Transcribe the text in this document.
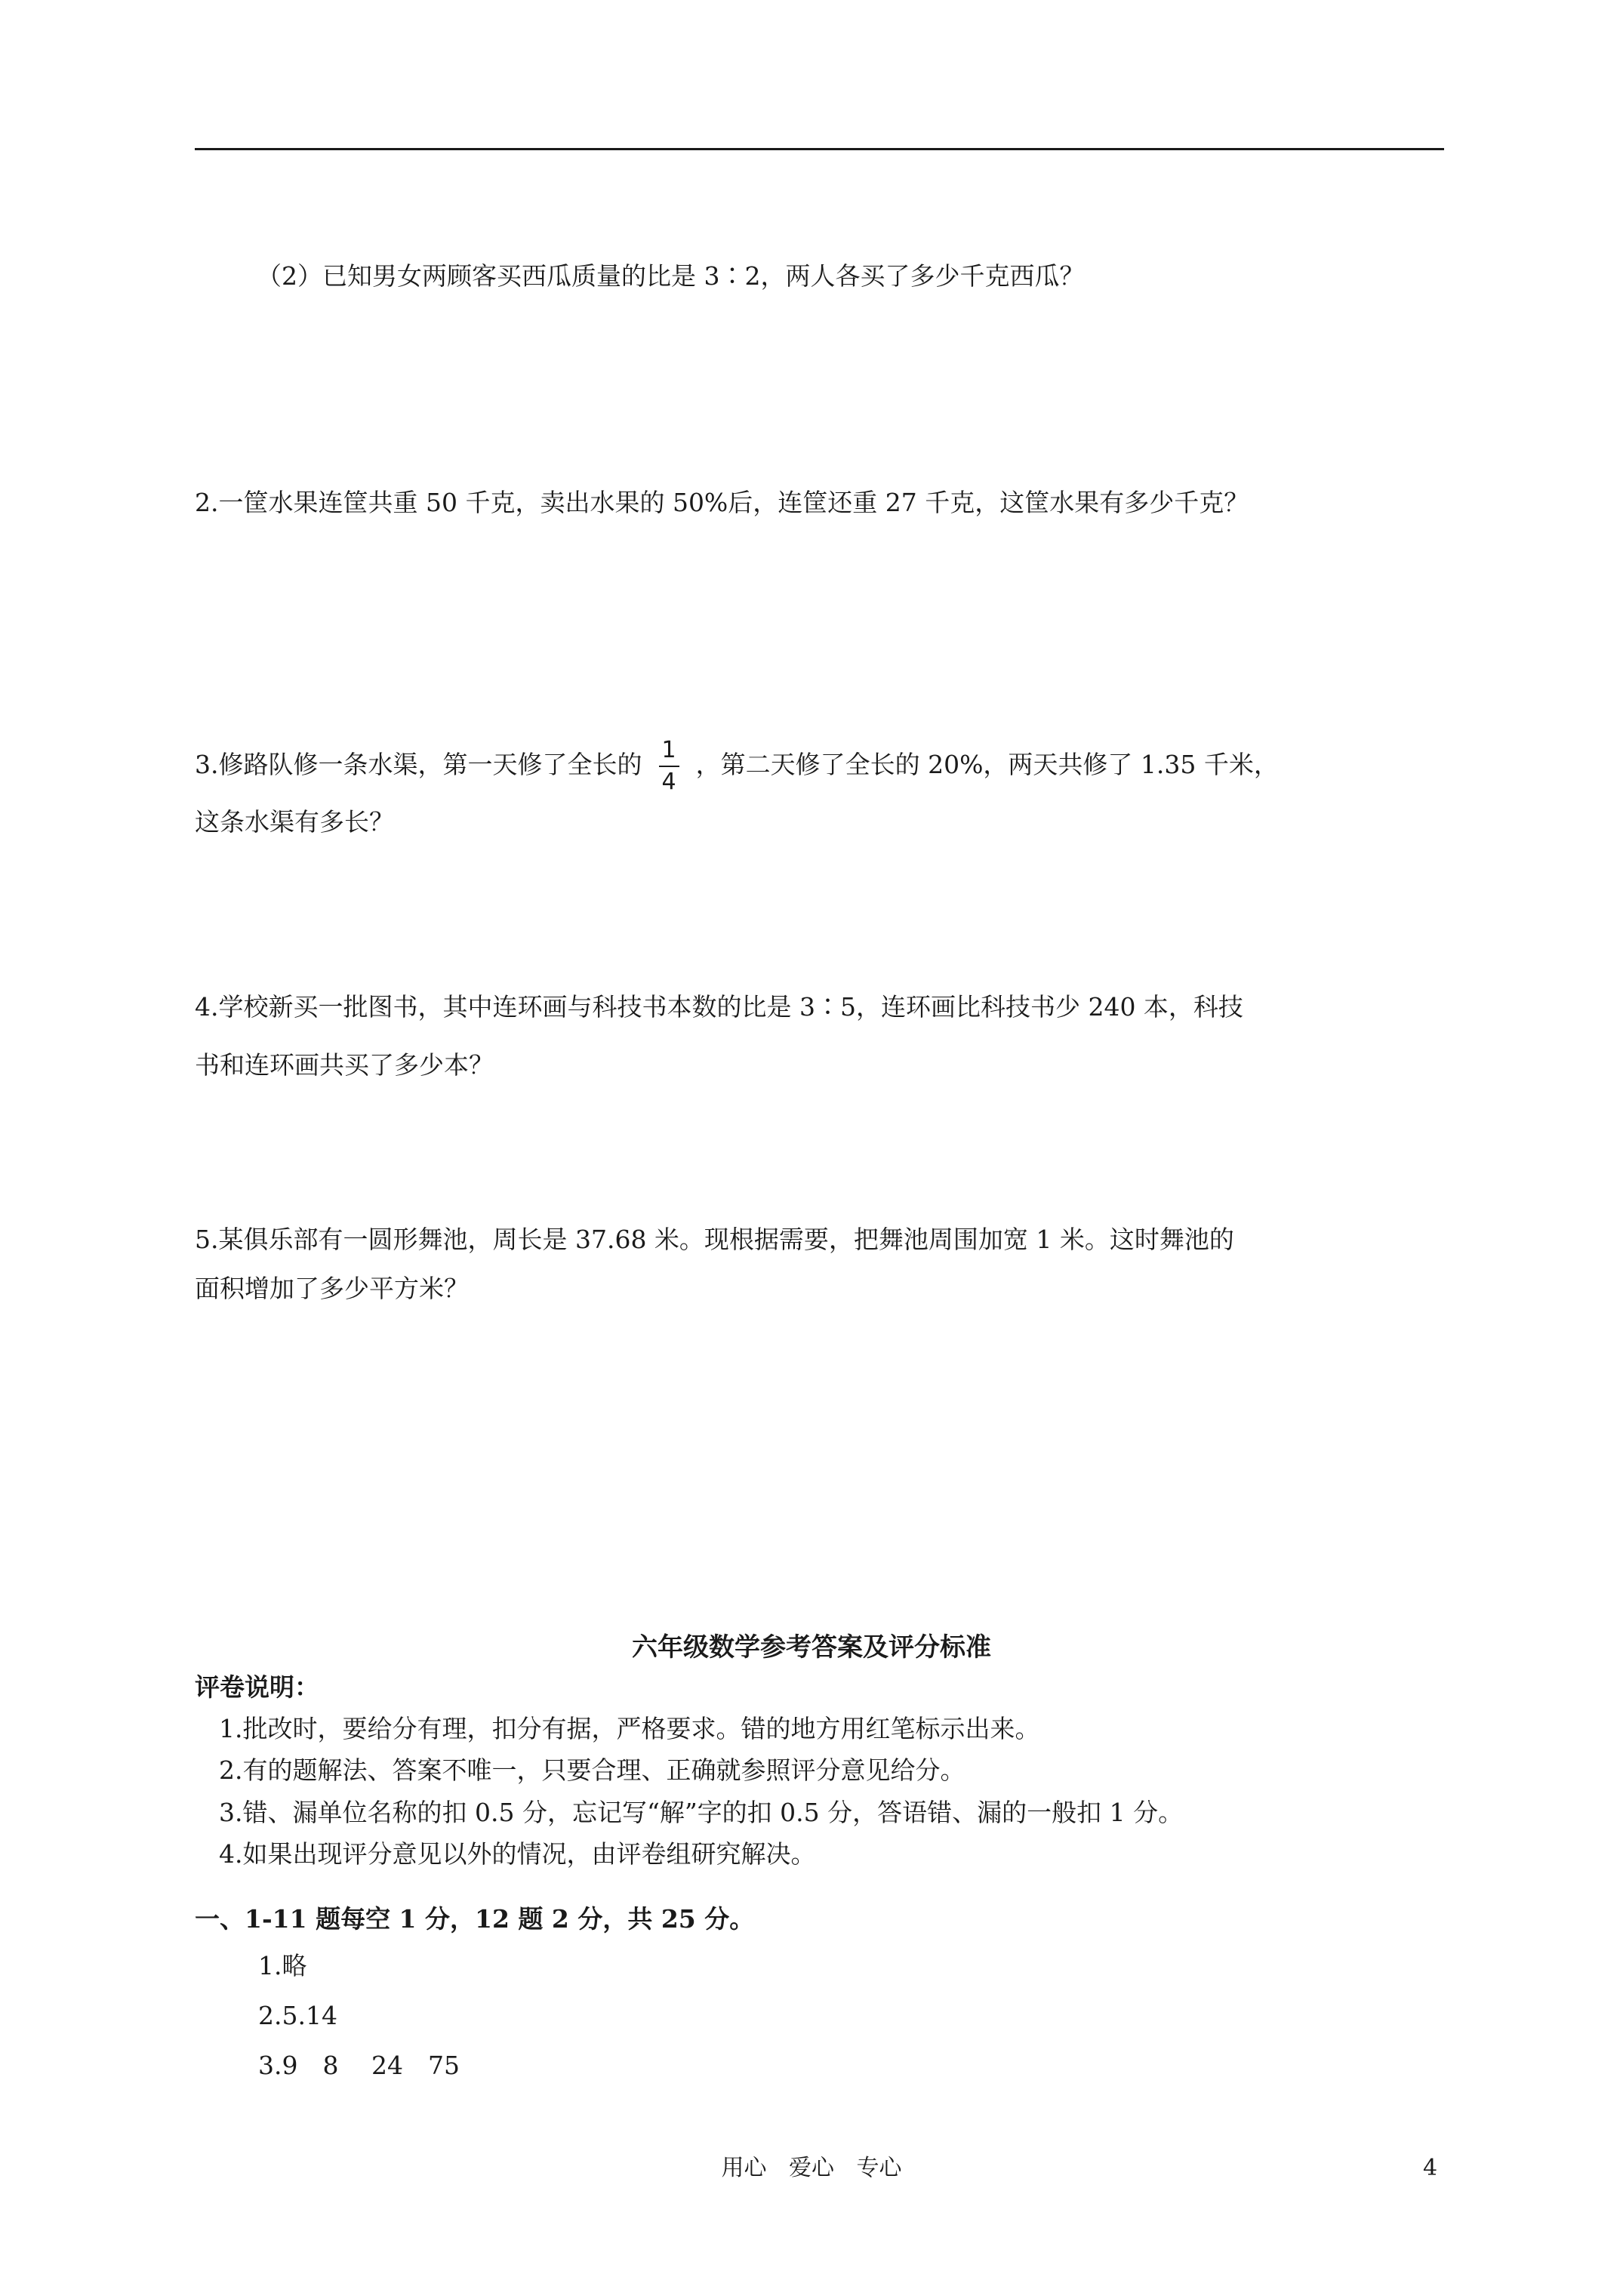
（2）已知男女两顾客买西瓜质量的比是 3∶2，两人各买了多少千克西瓜？
2.一筐水果连筐共重 50 千克，卖出水果的 50%后，连筐还重 27 千克，这筐水果有多少千克？
3.修路队修一条水渠，第一天修了全长的 $\frac{1}{4}$ ，第二天修了全长的 20%，两天共修了 1.35 千米，
这条水渠有多长？
4.学校新买一批图书，其中连环画与科技书本数的比是 3∶5，连环画比科技书少 240 本，科技
书和连环画共买了多少本？
5.某俱乐部有一圆形舞池，周长是 37.68 米。现根据需要，把舞池周围加宽 1 米。这时舞池的
面积增加了多少平方米？
六年级数学参考答案及评分标准
评卷说明：
1.批改时，要给分有理，扣分有据，严格要求。错的地方用红笔标示出来。
2.有的题解法、答案不唯一，只要合理、正确就参照评分意见给分。
3.错、漏单位名称的扣 0.5 分，忘记写“解”字的扣 0.5 分，答语错、漏的一般扣 1 分。
4.如果出现评分意见以外的情况，由评卷组研究解决。
一、1-11 题每空 1 分，12 题 2 分，共 25 分。
1.略
2.5.14
3.9　8　 24　75
用心 爱心 专心	4
